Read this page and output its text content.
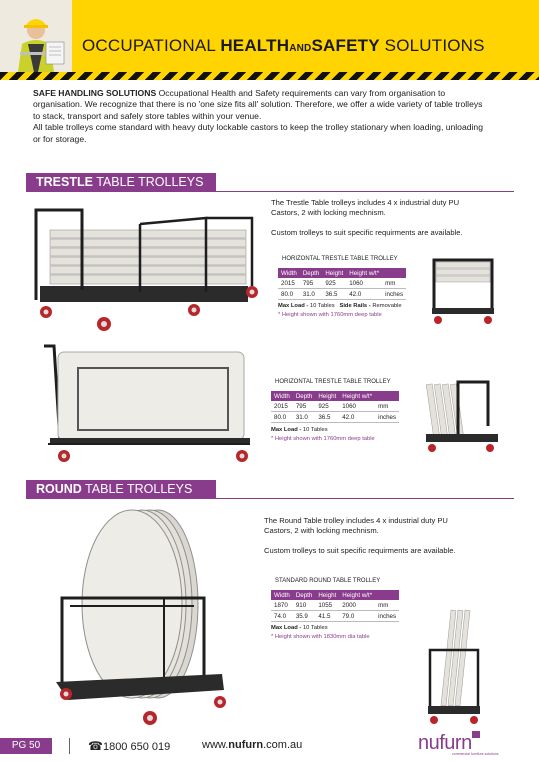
OCCUPATIONAL HEALTHANDSAFETY SOLUTIONS
SAFE HANDLING SOLUTIONS Occupational Health and Safety requirements can vary from organisation to organisation. We recognize that there is no 'one size fits all' solution. Therefore, we offer a wide variety of table trolleys to stack, transport and safely store tables within your venue.
All table trolleys come standard with heavy duty lockable castors to keep the trolley stationary when loading, unloading or for storage.
TRESTLE TABLE TROLLEYS
The Trestle Table trolleys includes 4 x industrial duty PU Castors, 2 with locking mechnism.
Custom trolleys to suit specific requirments are available.
HORIZONTAL TRESTLE TABLE TROLLEY
Width	Depth	Height	Height w/t*	
2015	795	925	1060	mm
80.0	31.0	36.5	42.0	inches
Max Load - 10 Tables Side Rails - Removable
* Height shown with 1760mm deep table
HORIZONTAL TRESTLE TABLE TROLLEY
Width	Depth	Height	Height w/t*	
2015	795	925	1060	mm
80.0	31.0	36.5	42.0	inches
Max Load - 10 Tables
* Height shown with 1760mm deep table
ROUND TABLE TROLLEYS
The Round Table trolley includes 4 x industrial duty PU Castors, 2 with locking mechnism.
Custom trolleys to suit specific requirments are available.
STANDARD ROUND TABLE TROLLEY
Width	Depth	Height	Height w/t*	
1870	910	1055	2000	mm
74.0	35.9	41.5	79.0	inches
Max Load - 10 Tables
* Height shown with 1830mm dia table
PG 50	☎1800 650 019	www.nufurn.com.au	nufurn
commercial furniture solutions
